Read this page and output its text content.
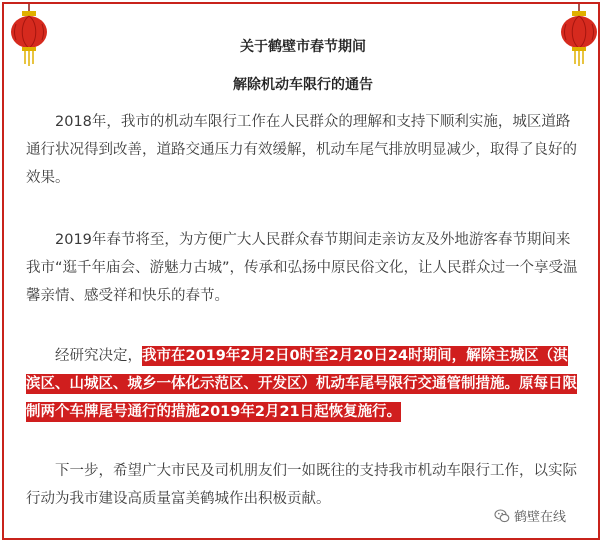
关于鹤壁市春节期间
解除机动车限行的通告

2018年，我市的机动车限行工作在人民群众的理解和支持下顺利实施，城区道路通行状况得到改善，道路交通压力有效缓解，机动车尾气排放明显减少，取得了良好的效果。

2019年春节将至，为方便广大人民群众春节期间走亲访友及外地游客春节期间来我市“逛千年庙会、游魅力古城”，传承和弘扬中原民俗文化，让人民群众过一个享受温馨亲情、感受祥和快乐的春节。

经研究决定，我市在2019年2月2日0时至2月20日24时期间，解除主城区（淇滨区、山城区、城乡一体化示范区、开发区）机动车尾号限行交通管制措施。原每日限制两个车牌尾号通行的措施2019年2月21日起恢复施行。

下一步，希望广大市民及司机朋友们一如既往的支持我市机动车限行工作，以实际行动为我市建设高质量富美鹤城作出积极贡献。

鹤壁在线
